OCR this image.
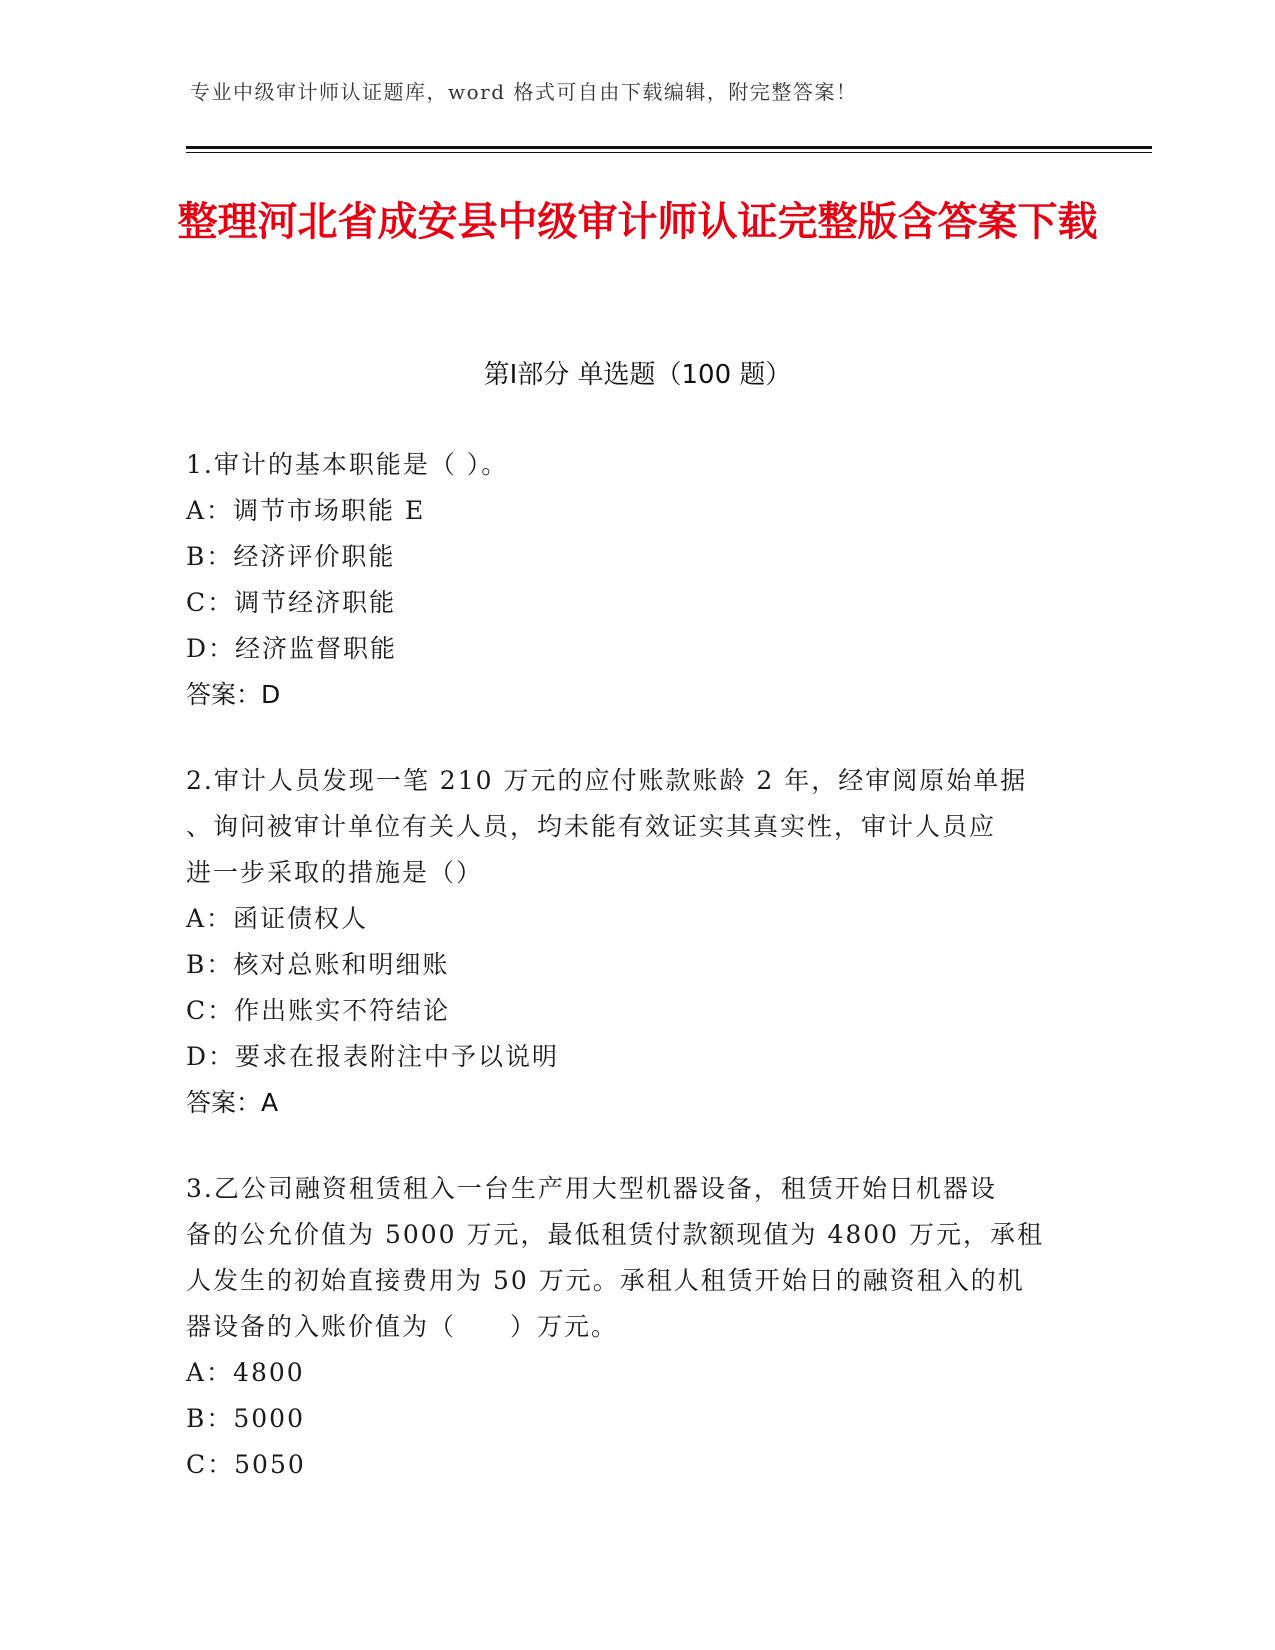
专业中级审计师认证题库，word 格式可自由下载编辑，附完整答案！
整理河北省成安县中级审计师认证完整版含答案下载
第Ⅰ部分 单选题（100 题）
1.审计的基本职能是（ ）。
A：调节市场职能 E
B：经济评价职能
C：调节经济职能
D：经济监督职能
答案：D
2.审计人员发现一笔 210 万元的应付账款账龄 2 年，经审阅原始单据
、询问被审计单位有关人员，均未能有效证实其真实性，审计人员应
进一步采取的措施是（）
A：函证债权人
B：核对总账和明细账
C：作出账实不符结论
D：要求在报表附注中予以说明
答案：A
3.乙公司融资租赁租入一台生产用大型机器设备，租赁开始日机器设
备的公允价值为 5000 万元，最低租赁付款额现值为 4800 万元，承租
人发生的初始直接费用为 50 万元。承租人租赁开始日的融资租入的机
器设备的入账价值为（　　）万元。
A：4800
B：5000
C：5050
